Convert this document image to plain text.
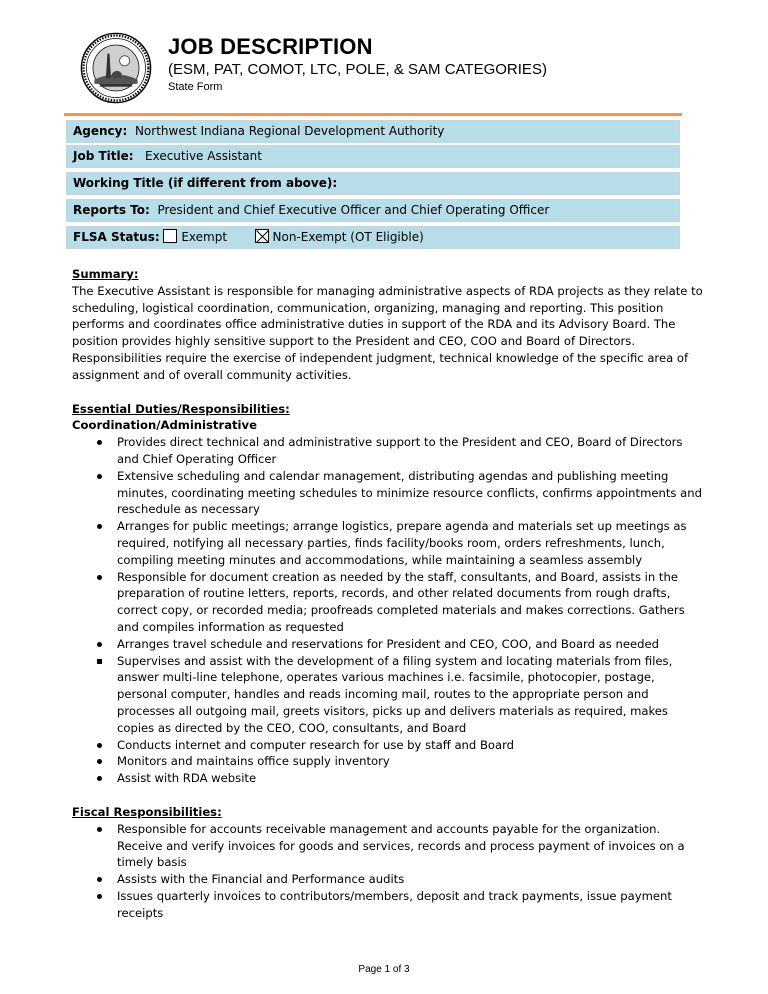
JOB DESCRIPTION
(ESM, PAT, COMOT, LTC, POLE, & SAM CATEGORIES)
State Form
Agency: Northwest Indiana Regional Development Authority
Job Title: Executive Assistant
Working Title (if different from above):
Reports To: President and Chief Executive Officer and Chief Operating Officer
FLSA Status: Exempt	Non-Exempt (OT Eligible)
Summary:

The Executive Assistant is responsible for managing administrative aspects of RDA projects as they relate to scheduling, logistical coordination, communication, organizing, managing and reporting. This position performs and coordinates office administrative duties in support of the RDA and its Advisory Board. The position provides highly sensitive support to the President and CEO, COO and Board of Directors. Responsibilities require the exercise of independent judgment, technical knowledge of the specific area of assignment and of overall community activities.

Essential Duties/Responsibilities:
Coordination/Administrative
Provides direct technical and administrative support to the President and CEO, Board of Directors and Chief Operating Officer
Extensive scheduling and calendar management, distributing agendas and publishing meeting minutes, coordinating meeting schedules to minimize resource conflicts, confirms appointments and reschedule as necessary
Arranges for public meetings; arrange logistics, prepare agenda and materials set up meetings as required, notifying all necessary parties, finds facility/books room, orders refreshments, lunch, compiling meeting minutes and accommodations, while maintaining a seamless assembly
Responsible for document creation as needed by the staff, consultants, and Board, assists in the preparation of routine letters, reports, records, and other related documents from rough drafts, correct copy, or recorded media; proofreads completed materials and makes corrections. Gathers and compiles information as requested
Arranges travel schedule and reservations for President and CEO, COO, and Board as needed
Supervises and assist with the development of a filing system and locating materials from files, answer multi-line telephone, operates various machines i.e. facsimile, photocopier, postage, personal computer, handles and reads incoming mail, routes to the appropriate person and processes all outgoing mail, greets visitors, picks up and delivers materials as required, makes copies as directed by the CEO, COO, consultants, and Board
Conducts internet and computer research for use by staff and Board
Monitors and maintains office supply inventory
Assist with RDA website
Fiscal Responsibilities:
Responsible for accounts receivable management and accounts payable for the organization. Receive and verify invoices for goods and services, records and process payment of invoices on a timely basis
Assists with the Financial and Performance audits
Issues quarterly invoices to contributors/members, deposit and track payments, issue payment receipts
Page 1 of 3
